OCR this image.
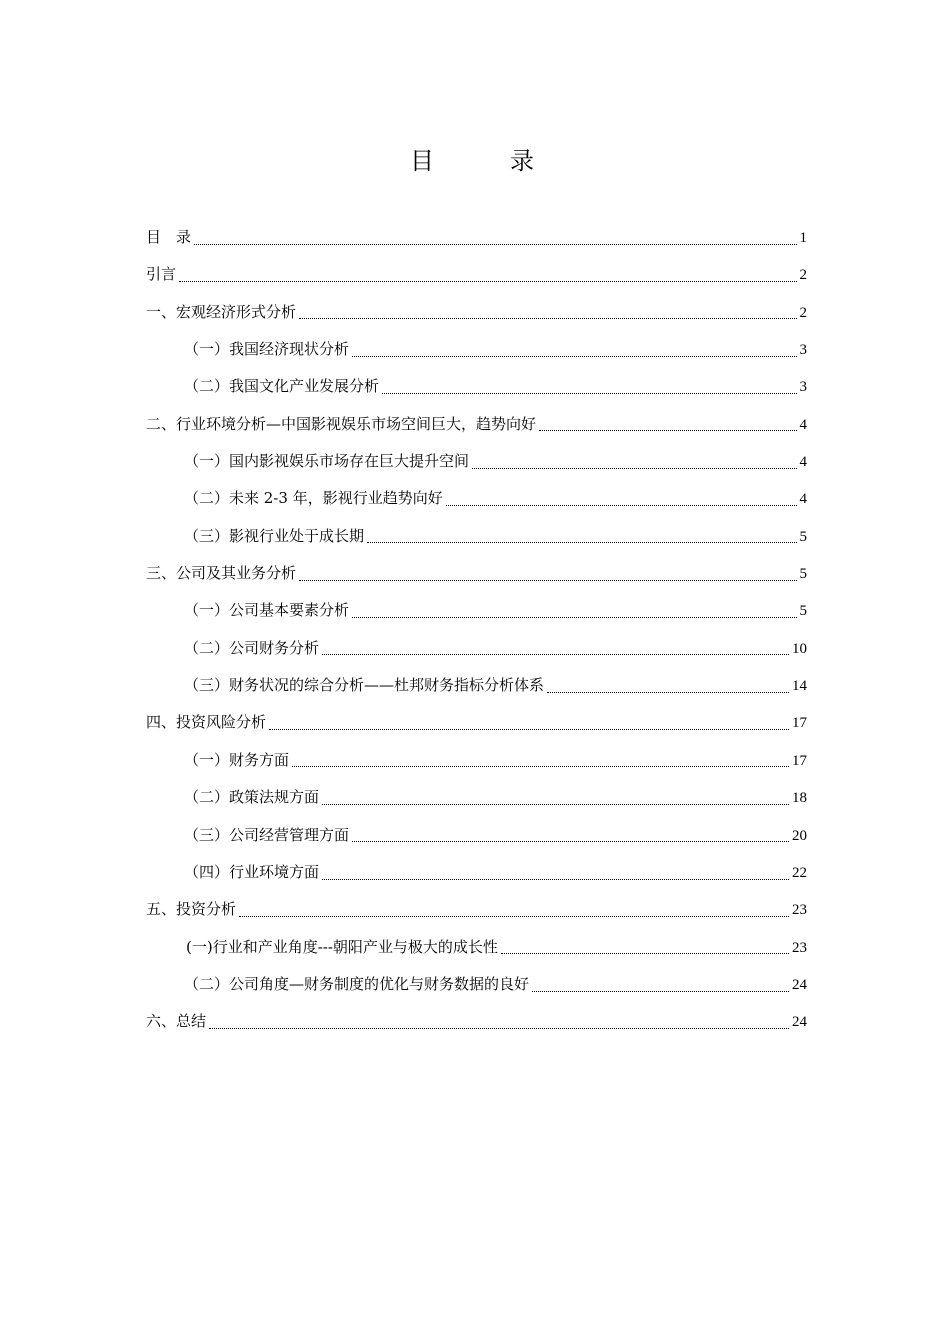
目　录
目　录	1
引言	2
一、宏观经济形式分析	2
（一）我国经济现状分析	3
（二）我国文化产业发展分析	3
二、行业环境分析—中国影视娱乐市场空间巨大，趋势向好	4
（一）国内影视娱乐市场存在巨大提升空间	4
（二）未来 2-3 年，影视行业趋势向好	4
（三）影视行业处于成长期	5
三、公司及其业务分析	5
（一）公司基本要素分析	5
（二）公司财务分析	10
（三）财务状况的综合分析——杜邦财务指标分析体系	14
四、投资风险分析	17
（一）财务方面	17
（二）政策法规方面	18
（三）公司经营管理方面	20
（四）行业环境方面	22
五、投资分析	23
(一)行业和产业角度---朝阳产业与极大的成长性	23
（二）公司角度—财务制度的优化与财务数据的良好	24
六、总结	24
